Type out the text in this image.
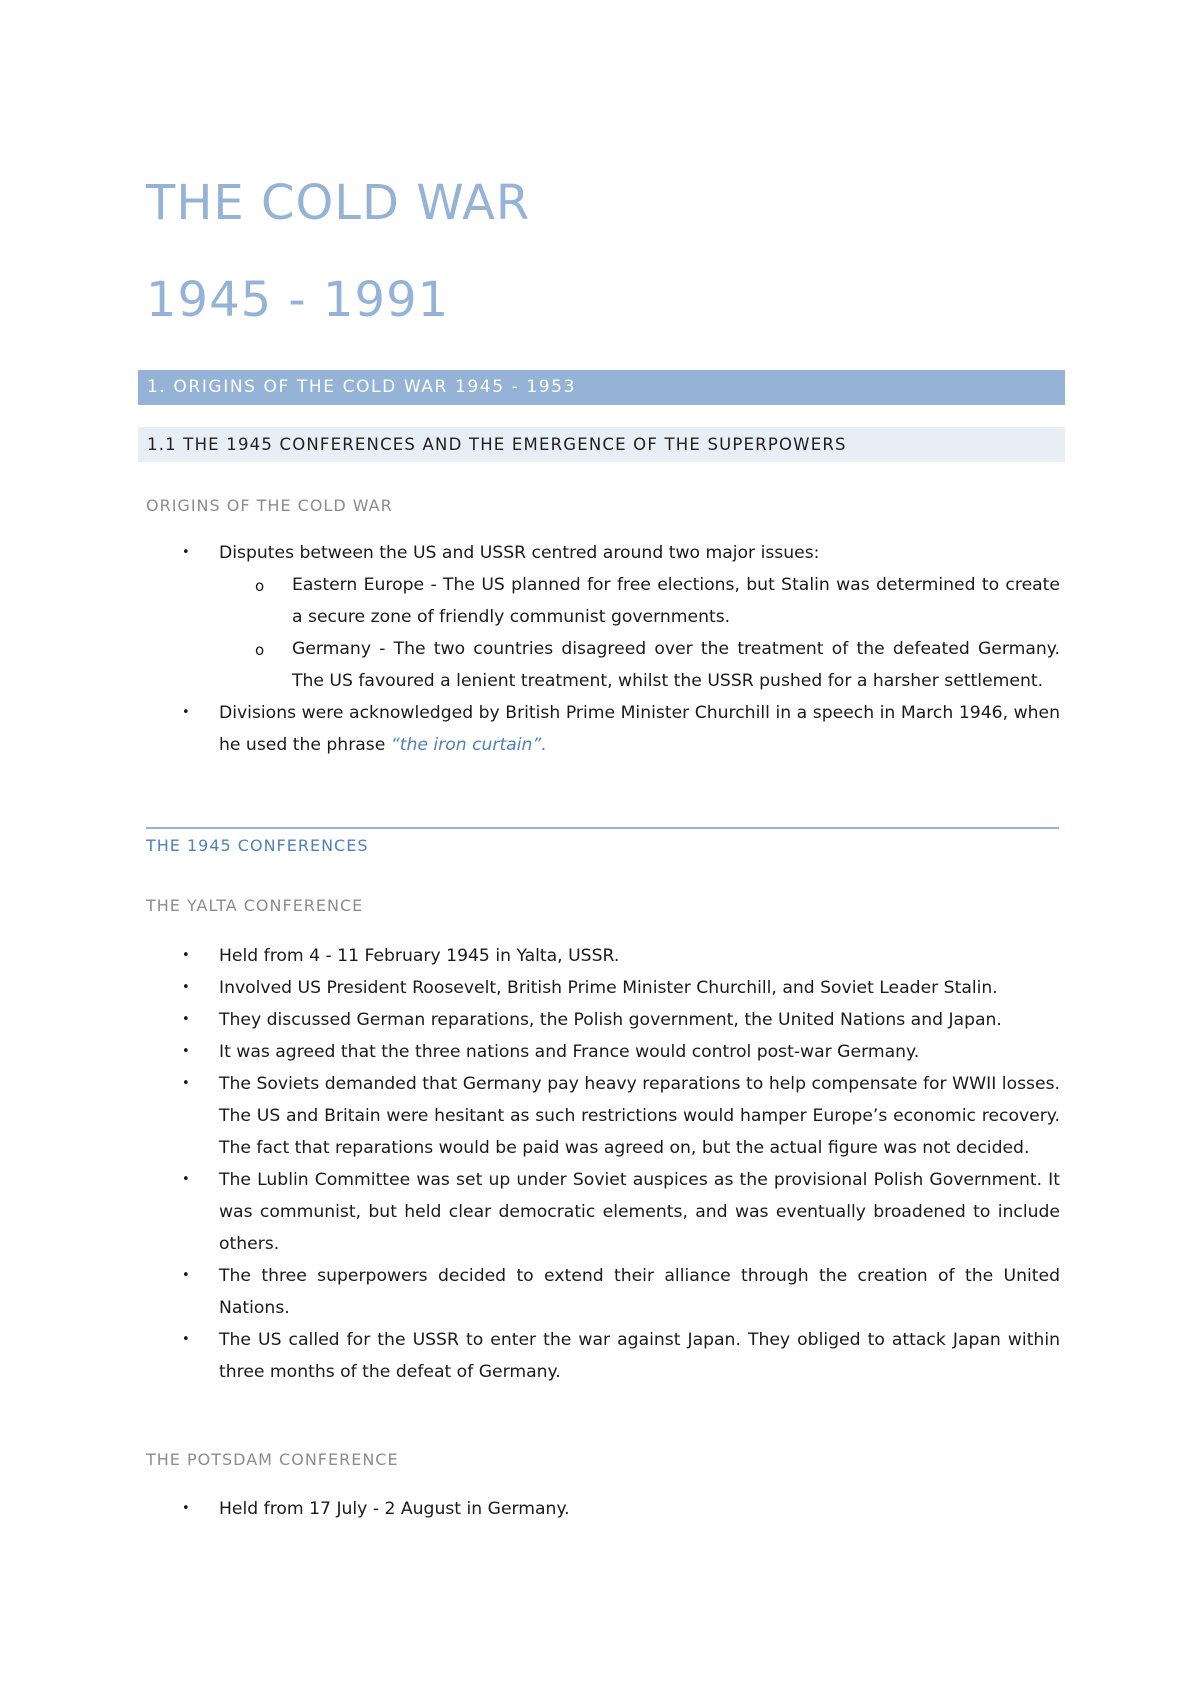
THE COLD WAR
1945 - 1991
1. ORIGINS OF THE COLD WAR 1945 - 1953
1.1 THE 1945 CONFERENCES AND THE EMERGENCE OF THE SUPERPOWERS
ORIGINS OF THE COLD WAR
• Disputes between the US and USSR centred around two major issues:
o Eastern Europe - The US planned for free elections, but Stalin was determined to create a secure zone of friendly communist governments.
o Germany - The two countries disagreed over the treatment of the defeated Germany. The US favoured a lenient treatment, whilst the USSR pushed for a harsher settlement.
• Divisions were acknowledged by British Prime Minister Churchill in a speech in March 1946, when he used the phrase “the iron curtain”.
THE 1945 CONFERENCES
THE YALTA CONFERENCE
• Held from 4 - 11 February 1945 in Yalta, USSR.
• Involved US President Roosevelt, British Prime Minister Churchill, and Soviet Leader Stalin.
• They discussed German reparations, the Polish government, the United Nations and Japan.
• It was agreed that the three nations and France would control post-war Germany.
• The Soviets demanded that Germany pay heavy reparations to help compensate for WWII losses. The US and Britain were hesitant as such restrictions would hamper Europe’s economic recovery. The fact that reparations would be paid was agreed on, but the actual figure was not decided.
• The Lublin Committee was set up under Soviet auspices as the provisional Polish Government. It was communist, but held clear democratic elements, and was eventually broadened to include others.
• The three superpowers decided to extend their alliance through the creation of the United Nations.
• The US called for the USSR to enter the war against Japan. They obliged to attack Japan within three months of the defeat of Germany.
THE POTSDAM CONFERENCE
• Held from 17 July - 2 August in Germany.
